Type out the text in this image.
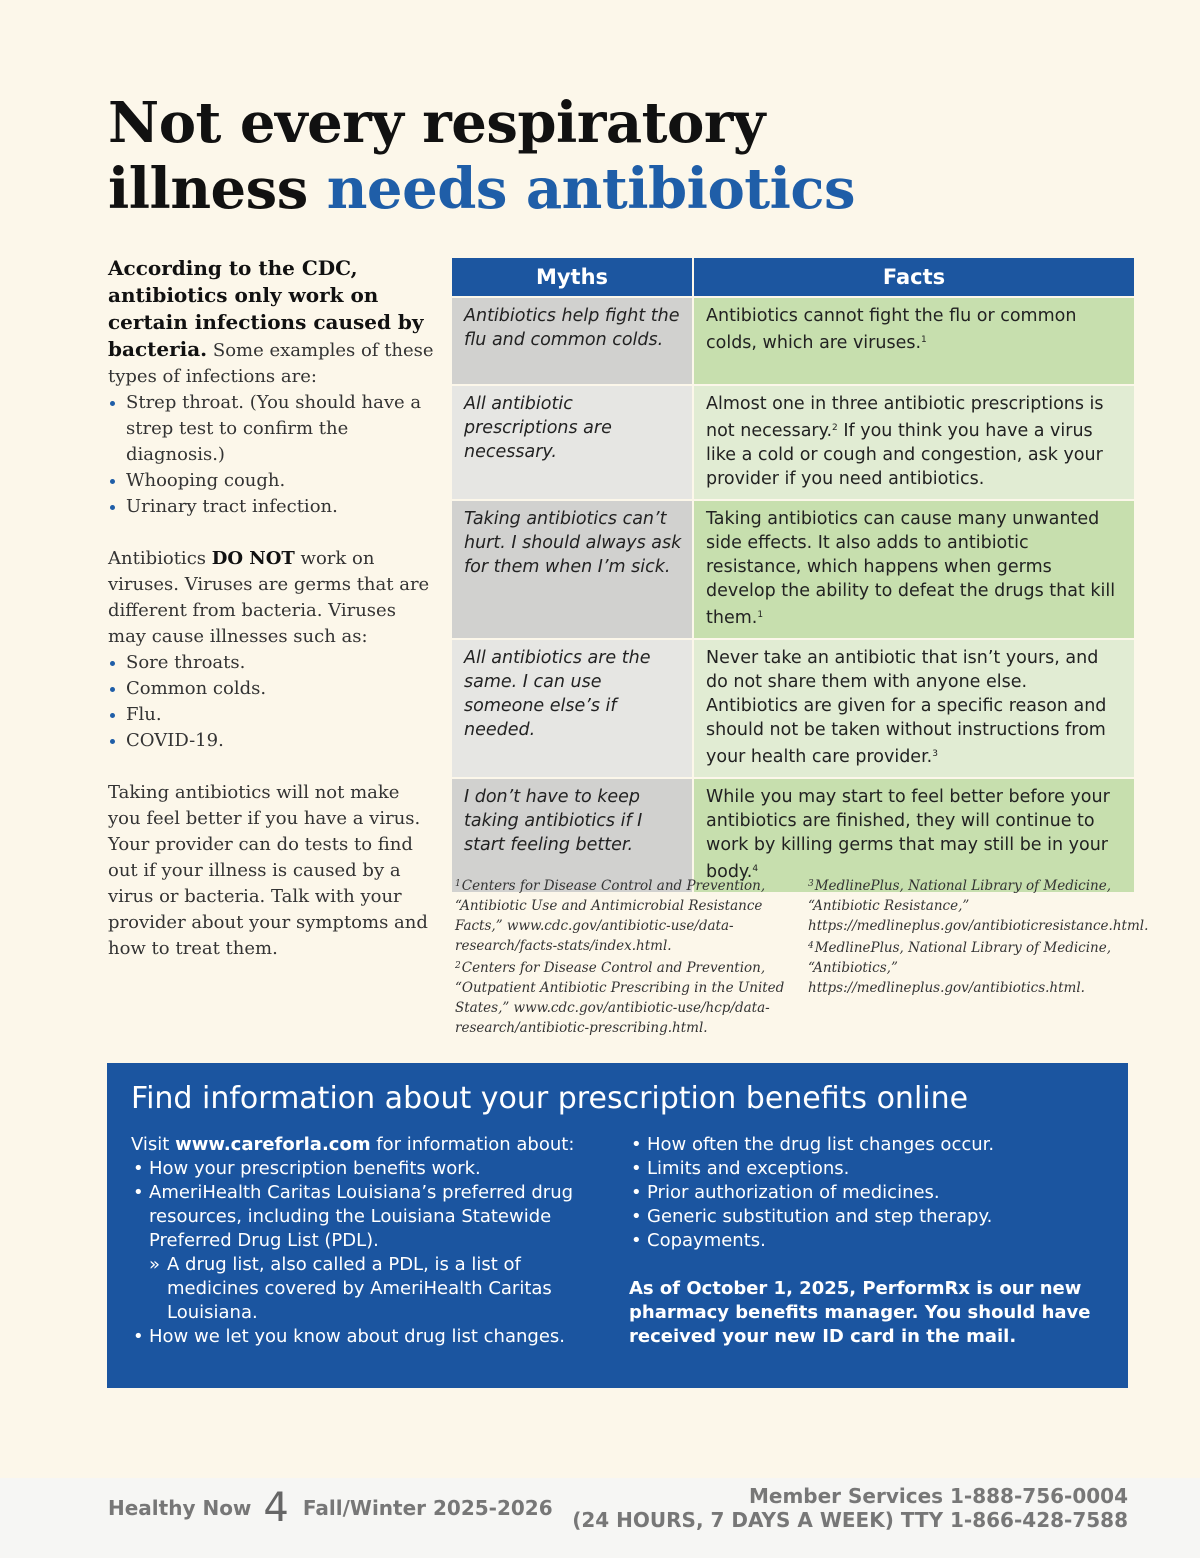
Not every respiratory
illness needs antibiotics

According to the CDC, antibiotics only work on certain infections caused by bacteria. Some examples of these types of infections are:

Strep throat. (You should have a strep test to confirm the diagnosis.)
Whooping cough.
Urinary tract infection.

Antibiotics DO NOT work on viruses. Viruses are germs that are different from bacteria. Viruses may cause illnesses such as:

Sore throats.
Common colds.
Flu.
COVID-19.

Taking antibiotics will not make you feel better if you have a virus. Your provider can do tests to find out if your illness is caused by a virus or bacteria. Talk with your provider about your symptoms and how to treat them.

Myths	Facts
Antibiotics help fight the flu and common colds.	Antibiotics cannot fight the flu or common colds, which are viruses.$^1$
All antibiotic prescriptions are necessary.	Almost one in three antibiotic prescriptions is not necessary.$^2$ If you think you have a virus like a cold or cough and congestion, ask your provider if you need antibiotics.
Taking antibiotics can’t hurt. I should always ask for them when I’m sick.	Taking antibiotics can cause many unwanted side effects. It also adds to antibiotic resistance, which happens when germs develop the ability to defeat the drugs that kill them.$^1$
All antibiotics are the same. I can use someone else’s if needed.	Never take an antibiotic that isn’t yours, and do not share them with anyone else. Antibiotics are given for a specific reason and should not be taken without instructions from your health care provider.$^3$
I don’t have to keep taking antibiotics if I start feeling better.	While you may start to feel better before your antibiotics are finished, they will continue to work by killing germs that may still be in your body.$^4$

$^1$Centers for Disease Control and Prevention, “Antibiotic Use and Antimicrobial Resistance Facts,” www.cdc.gov/antibiotic-use/data-research/facts-stats/index.html.

$^2$Centers for Disease Control and Prevention, “Outpatient Antibiotic Prescribing in the United States,” www.cdc.gov/antibiotic-use/hcp/data-research/antibiotic-prescribing.html.

$^3$MedlinePlus, National Library of Medicine, “Antibiotic Resistance,” https://medlineplus.gov/antibioticresistance.html.

$^4$MedlinePlus, National Library of Medicine, “Antibiotics,” https://medlineplus.gov/antibiotics.html.

Find information about your prescription benefits online

Visit www.careforla.com for information about:

• How your prescription benefits work.
• AmeriHealth Caritas Louisiana’s preferred drug resources, including the Louisiana Statewide Preferred Drug List (PDL).
» A drug list, also called a PDL, is a list of medicines covered by AmeriHealth Caritas Louisiana.
• How we let you know about drug list changes.
• How often the drug list changes occur.
• Limits and exceptions.
• Prior authorization of medicines.
• Generic substitution and step therapy.
• Copayments.

As of October 1, 2025, PerformRx is our new pharmacy benefits manager. You should have received your new ID card in the mail.

Healthy Now 4 Fall/Winter 2025-2026	Member Services 1-888-756-0004
(24 HOURS, 7 DAYS A WEEK) TTY 1-866-428-7588
